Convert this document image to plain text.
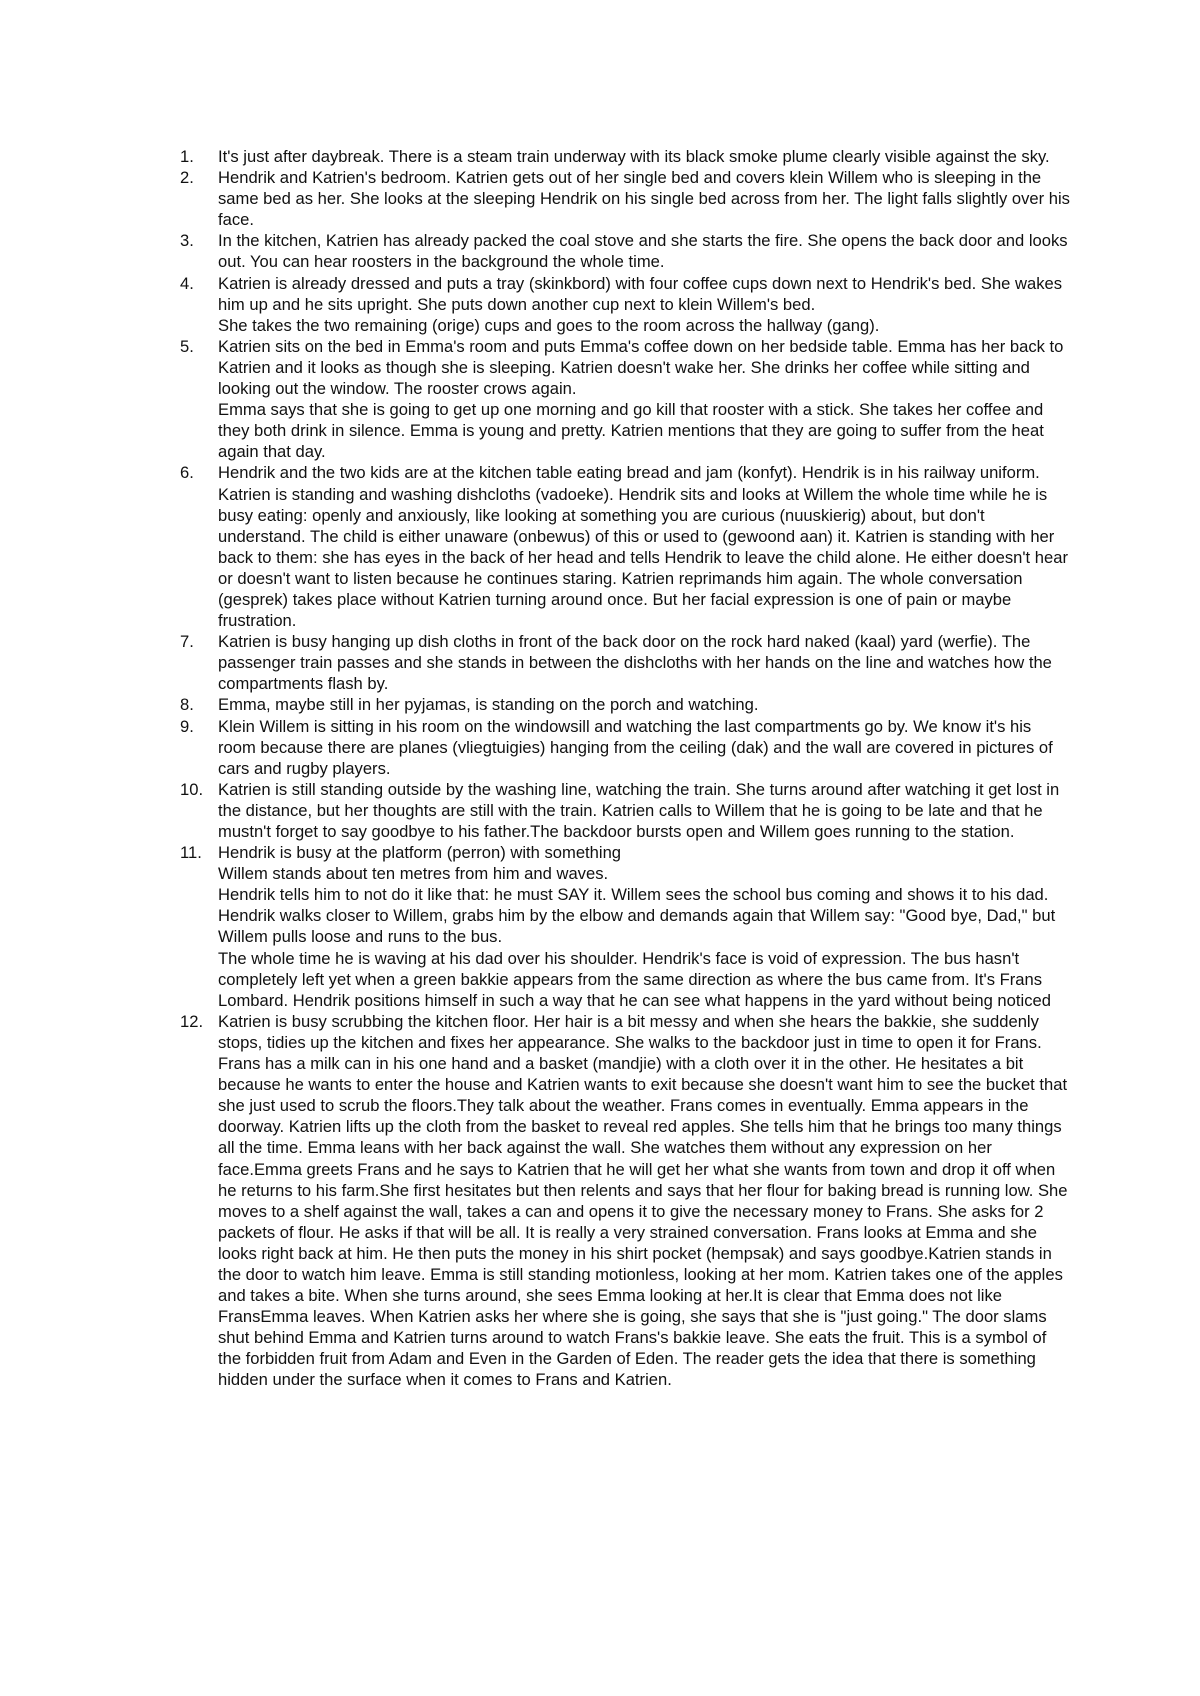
1.	It's just after daybreak. There is a steam train underway with its black smoke plume clearly visible against the sky.
2.	Hendrik and Katrien's bedroom. Katrien gets out of her single bed and covers klein Willem who is sleeping in the same bed as her. She looks at the sleeping Hendrik on his single bed across from her. The light falls slightly over his face.
3.	In the kitchen, Katrien has already packed the coal stove and she starts the fire. She opens the back door and looks out. You can hear roosters in the background the whole time.
4.	Katrien is already dressed and puts a tray (skinkbord) with four coffee cups down next to Hendrik's bed. She wakes him up and he sits upright. She puts down another cup next to klein Willem's bed.
She takes the two remaining (orige) cups and goes to the room across the hallway (gang).
5.	Katrien sits on the bed in Emma's room and puts Emma's coffee down on her bedside table. Emma has her back to Katrien and it looks as though she is sleeping. Katrien doesn't wake her. She drinks her coffee while sitting and looking out the window. The rooster crows again.
Emma says that she is going to get up one morning and go kill that rooster with a stick. She takes her coffee and they both drink in silence. Emma is young and pretty. Katrien mentions that they are going to suffer from the heat again that day.
6.	Hendrik and the two kids are at the kitchen table eating bread and jam (konfyt). Hendrik is in his railway uniform. Katrien is standing and washing dishcloths (vadoeke). Hendrik sits and looks at Willem the whole time while he is busy eating: openly and anxiously, like looking at something you are curious (nuuskierig) about, but don't understand. The child is either unaware (onbewus) of this or used to (gewoond aan) it. Katrien is standing with her back to them: she has eyes in the back of her head and tells Hendrik to leave the child alone. He either doesn't hear or doesn't want to listen because he continues staring. Katrien reprimands him again. The whole conversation (gesprek) takes place without Katrien turning around once. But her facial expression is one of pain or maybe frustration.
7.	Katrien is busy hanging up dish cloths in front of the back door on the rock hard naked (kaal) yard (werfie). The passenger train passes and she stands in between the dishcloths with her hands on the line and watches how the compartments flash by.
8.	Emma, maybe still in her pyjamas, is standing on the porch and watching.
9.	Klein Willem is sitting in his room on the windowsill and watching the last compartments go by. We know it's his room because there are planes (vliegtuigies) hanging from the ceiling (dak) and the wall are covered in pictures of cars and rugby players.
10. Katrien is still standing outside by the washing line, watching the train. She turns around after watching it get lost in the distance, but her thoughts are still with the train. Katrien calls to Willem that he is going to be late and that he mustn't forget to say goodbye to his father.The backdoor bursts open and Willem goes running to the station.
11. Hendrik is busy at the platform (perron) with something
Willem stands about ten metres from him and waves.
Hendrik tells him to not do it like that: he must SAY it. Willem sees the school bus coming and shows it to his dad. Hendrik walks closer to Willem, grabs him by the elbow and demands again that Willem say: "Good bye, Dad," but Willem pulls loose and runs to the bus.
The whole time he is waving at his dad over his shoulder. Hendrik's face is void of expression. The bus hasn't completely left yet when a green bakkie appears from the same direction as where the bus came from. It's Frans Lombard. Hendrik positions himself in such a way that he can see what happens in the yard without being noticed
12. Katrien is busy scrubbing the kitchen floor. Her hair is a bit messy and when she hears the bakkie, she suddenly stops, tidies up the kitchen and fixes her appearance. She walks to the backdoor just in time to open it for Frans.
Frans has a milk can in his one hand and a basket (mandjie) with a cloth over it in the other. He hesitates a bit because he wants to enter the house and Katrien wants to exit because she doesn't want him to see the bucket that she just used to scrub the floors.They talk about the weather. Frans comes in eventually. Emma appears in the doorway. Katrien lifts up the cloth from the basket to reveal red apples. She tells him that he brings too many things all the time. Emma leans with her back against the wall. She watches them without any expression on her face.Emma greets Frans and he says to Katrien that he will get her what she wants from town and drop it off when he returns to his farm.She first hesitates but then relents and says that her flour for baking bread is running low. She moves to a shelf against the wall, takes a can and opens it to give the necessary money to Frans. She asks for 2 packets of flour. He asks if that will be all. It is really a very strained conversation. Frans looks at Emma and she looks right back at him. He then puts the money in his shirt pocket (hempsak) and says goodbye.Katrien stands in the door to watch him leave. Emma is still standing motionless, looking at her mom. Katrien takes one of the apples and takes a bite. When she turns around, she sees Emma looking at her.It is clear that Emma does not like FransEmma leaves. When Katrien asks her where she is going, she says that she is "just going." The door slams shut behind Emma and Katrien turns around to watch Frans's bakkie leave. She eats the fruit. This is a symbol of the forbidden fruit from Adam and Even in the Garden of Eden. The reader gets the idea that there is something hidden under the surface when it comes to Frans and Katrien.
